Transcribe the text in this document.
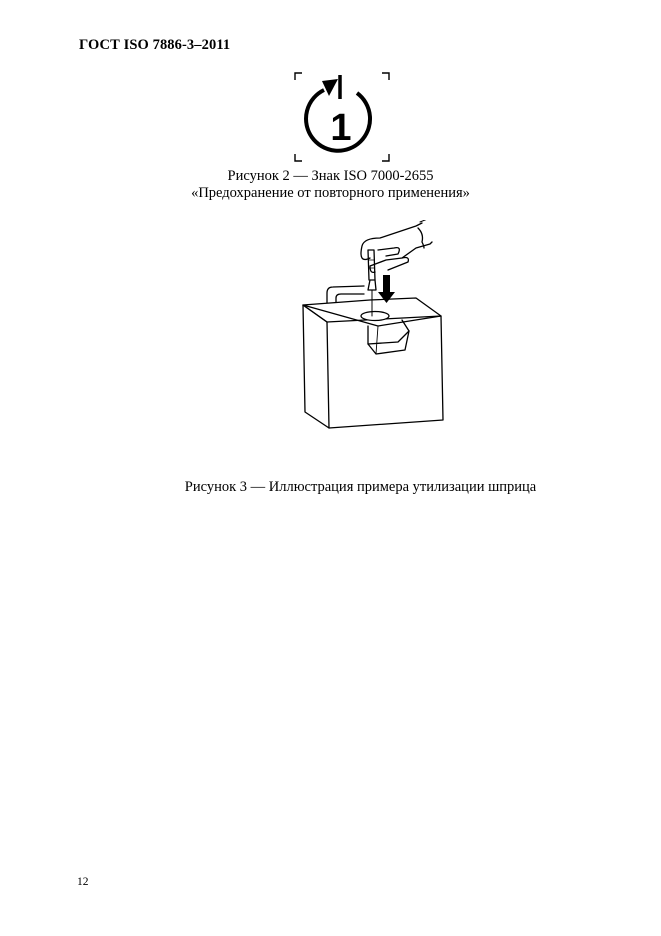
ГОСТ ISO 7886-3–2011
1
Рисунок 2 — Знак ISO 7000-2655
«Предохранение от повторного применения»
Рисунок 3 — Иллюстрация примера утилизации шприца
12
